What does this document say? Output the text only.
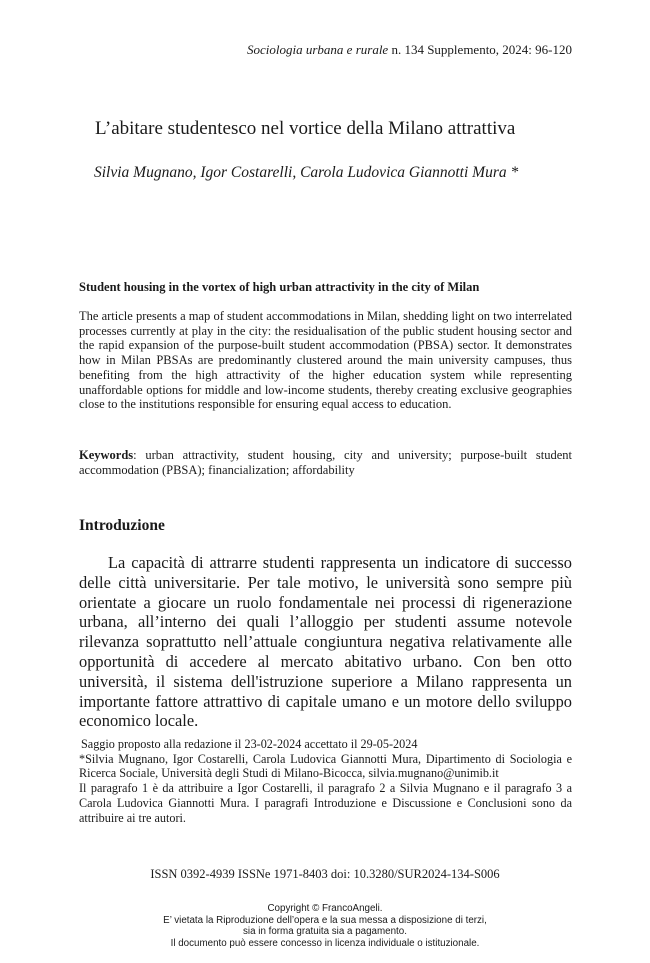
Sociologia urbana e rurale n. 134 Supplemento, 2024: 96-120
L’abitare studentesco nel vortice della Milano attrattiva
Silvia Mugnano, Igor Costarelli, Carola Ludovica Giannotti Mura *
Student housing in the vortex of high urban attractivity in the city of Milan
The article presents a map of student accommodations in Milan, shedding light on two interrelated processes currently at play in the city: the residualisation of the public student housing sector and the rapid expansion of the purpose-built student accommodation (PBSA) sector. It demonstrates how in Milan PBSAs are predominantly clustered around the main university campuses, thus benefiting from the high attractivity of the higher education system while representing unaffordable options for middle and low-income students, thereby creating exclusive geographies close to the institutions responsible for ensuring equal access to education.
Keywords: urban attractivity, student housing, city and university; purpose-built student accommodation (PBSA); financialization; affordability
Introduzione
La capacità di attrarre studenti rappresenta un indicatore di successo delle città universitarie. Per tale motivo, le università sono sempre più orientate a giocare un ruolo fondamentale nei processi di rigenerazione urbana, all’interno dei quali l’alloggio per studenti assume notevole rilevanza soprattutto nell’attuale congiuntura negativa relativamente alle opportunità di accedere al mercato abitativo urbano. Con ben otto università, il sistema dell'istruzione superiore a Milano rappresenta un importante fattore attrattivo di capitale umano e un motore dello sviluppo economico locale.

Saggio proposto alla redazione il 23-02-2024 accettato il 29-05-2024

*Silvia Mugnano, Igor Costarelli, Carola Ludovica Giannotti Mura, Dipartimento di Sociologia e Ricerca Sociale, Università degli Studi di Milano-Bicocca, silvia.mugnano@unimib.it

Il paragrafo 1 è da attribuire a Igor Costarelli, il paragrafo 2 a Silvia Mugnano e il paragrafo 3 a Carola Ludovica Giannotti Mura. I paragrafi Introduzione e Discussione e Conclusioni sono da attribuire ai tre autori.

ISSN 0392-4939 ISSNe 1971-8403 doi: 10.3280/SUR2024-134-S006
Copyright © FrancoAngeli.
E’ vietata la Riproduzione dell’opera e la sua messa a disposizione di terzi,
sia in forma gratuita sia a pagamento.
Il documento può essere concesso in licenza individuale o istituzionale.
